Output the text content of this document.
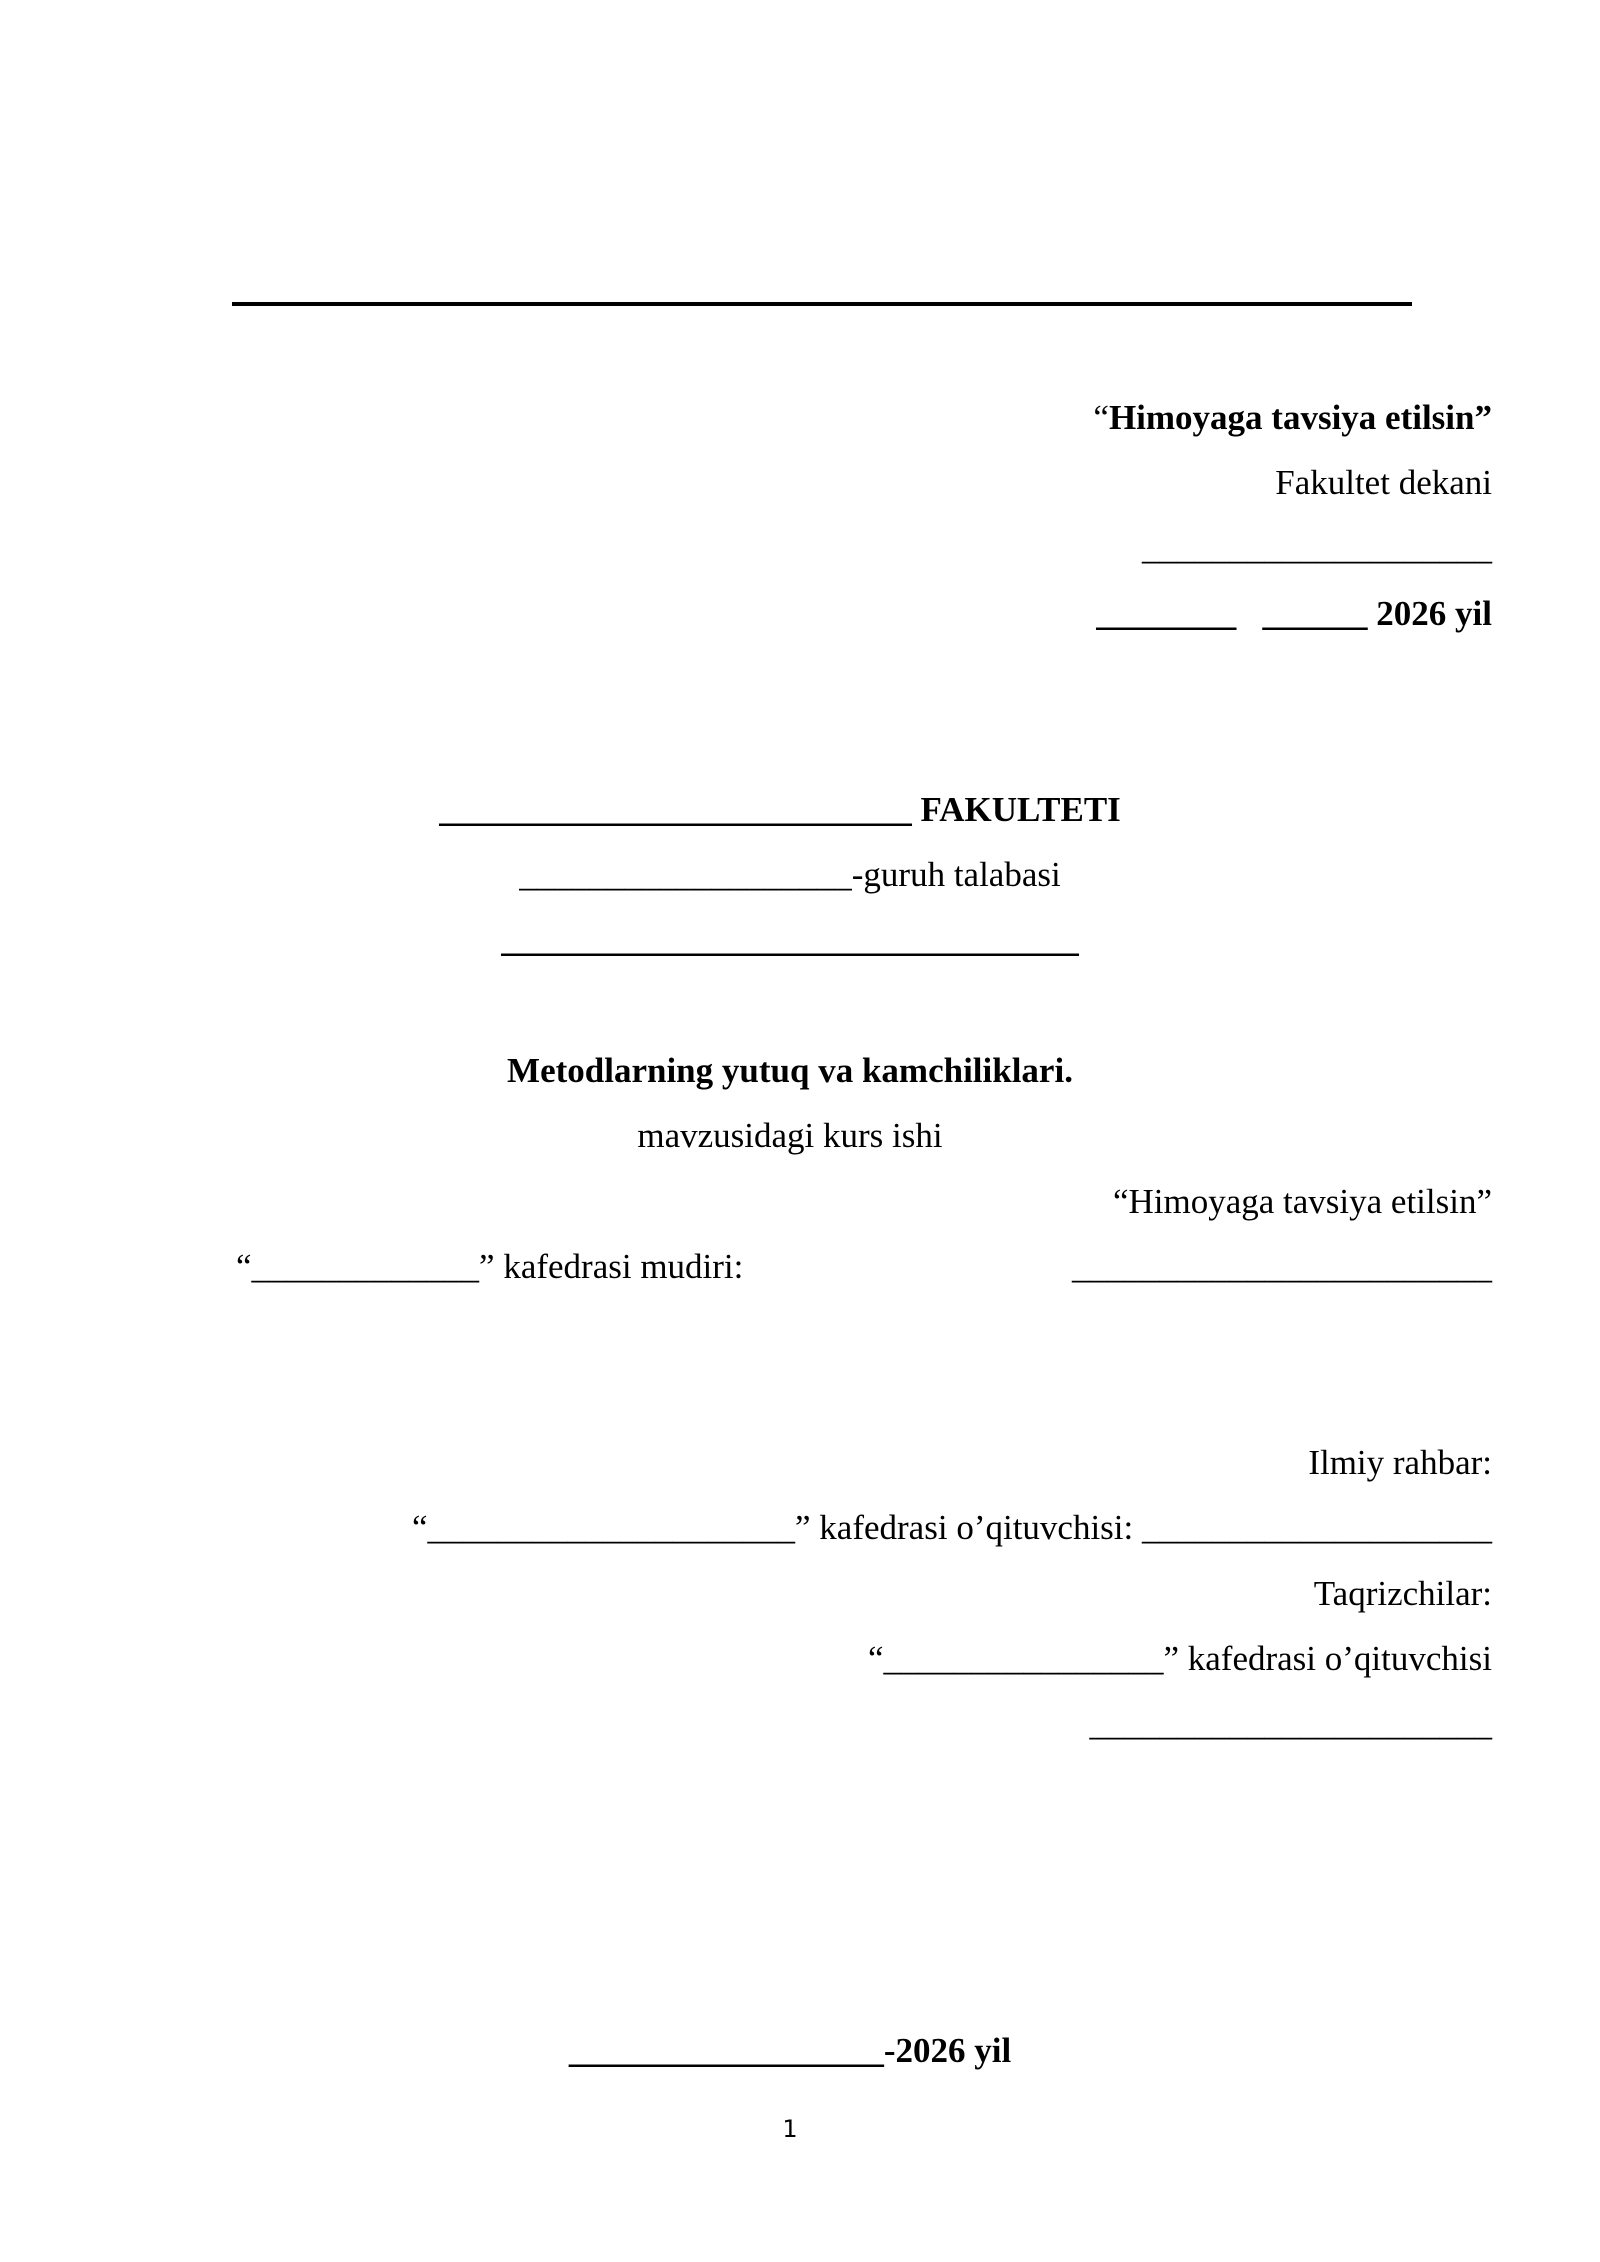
“Himoyaga tavsiya etilsin”
Fakultet dekani
____________________
________   ______ 2026 yil
___________________________ FAKULTETI
___________________-guruh talabasi
_________________________________
Metodlarning yutuq va kamchiliklari.
mavzusidagi kurs ishi
“Himoyaga tavsiya etilsin”
“_____________” kafedrasi mudiri:	________________________
Ilmiy rahbar:
“_____________________” kafedrasi o’qituvchisi: ____________________
Taqrizchilar:
“________________” kafedrasi o’qituvchisi
_______________________
__________________-2026 yil
1
